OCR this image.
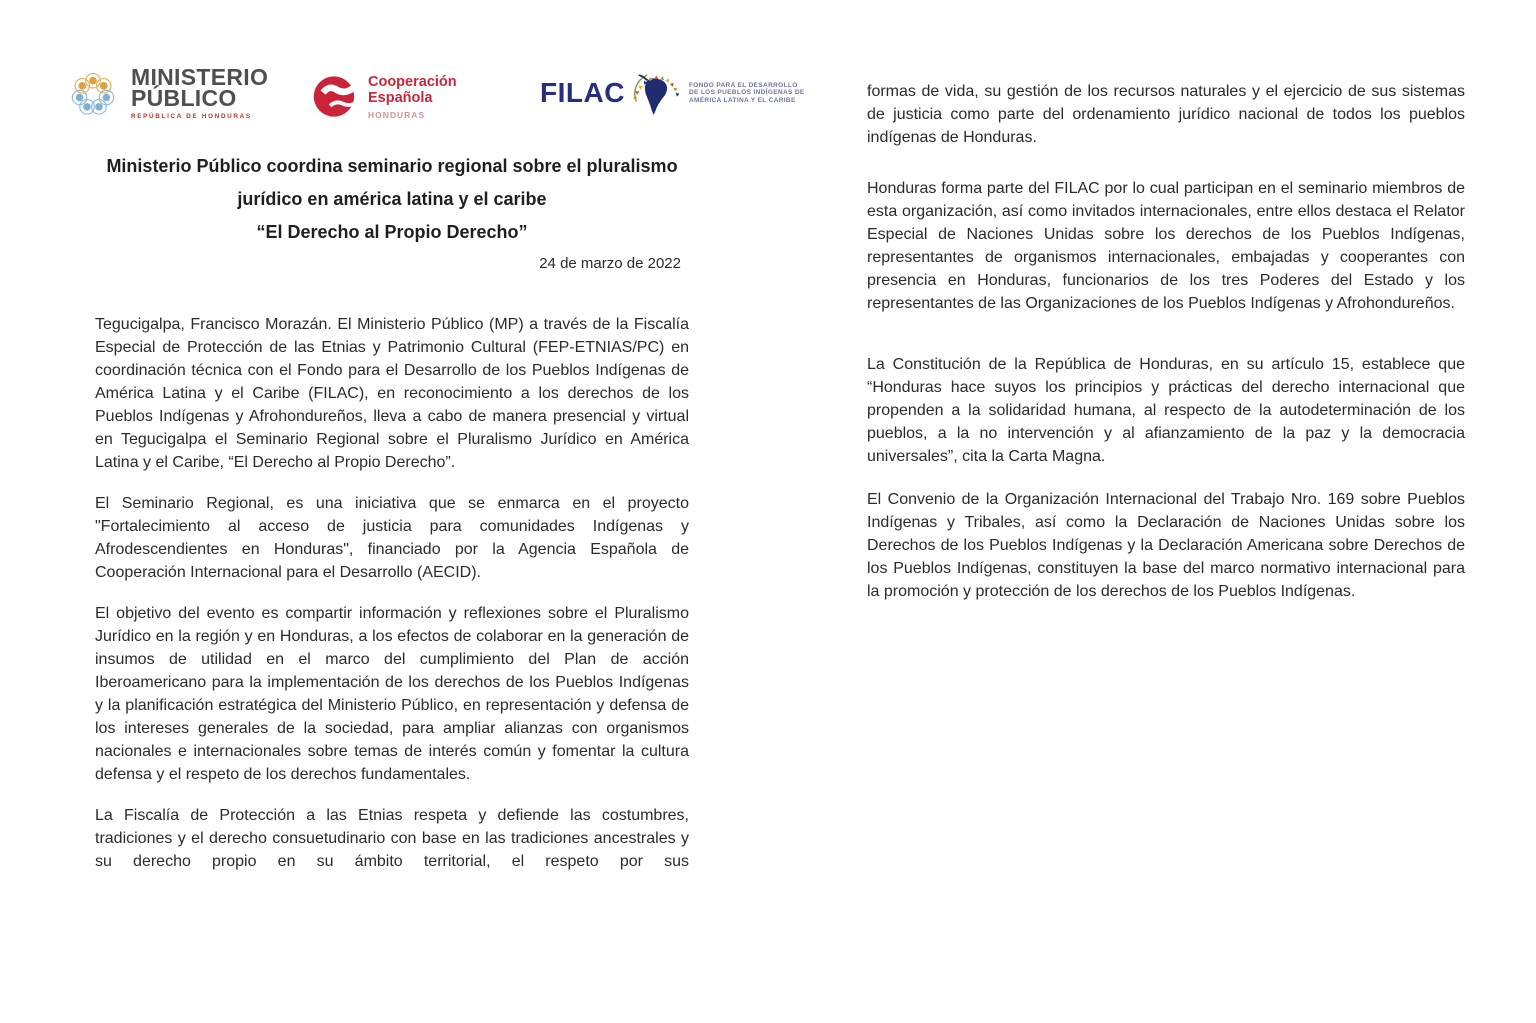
MINISTERIO
PÚBLICO
REPÚBLICA DE HONDURAS
Cooperación
Española
HONDURAS
FILAC	FONDO PARA EL DESARROLLO
DE LOS PUEBLOS INDÍGENAS DE
AMÉRICA LATINA Y EL CARIBE
Ministerio Público coordina seminario regional sobre el pluralismo jurídico en américa latina y el caribe
“El Derecho al Propio Derecho”
24 de marzo de 2022

Tegucigalpa, Francisco Morazán. El Ministerio Público (MP) a través de la Fiscalía Especial de Protección de las Etnias y Patrimonio Cultural (FEP-ETNIAS/PC) en coordinación técnica con el Fondo para el Desarrollo de los Pueblos Indígenas de América Latina y el Caribe (FILAC), en reconocimiento a los derechos de los Pueblos Indígenas y Afrohondureños, lleva a cabo de manera presencial y virtual en Tegucigalpa el Seminario Regional sobre el Pluralismo Jurídico en América Latina y el Caribe, “El Derecho al Propio Derecho”.

El Seminario Regional, es una iniciativa que se enmarca en el proyecto "Fortalecimiento al acceso de justicia para comunidades Indígenas y Afrodescendientes en Honduras", financiado por la Agencia Española de Cooperación Internacional para el Desarrollo (AECID).

El objetivo del evento es compartir información y reflexiones sobre el Pluralismo Jurídico en la región y en Honduras, a los efectos de colaborar en la generación de insumos de utilidad en el marco del cumplimiento del Plan de acción Iberoamericano para la implementación de los derechos de los Pueblos Indígenas y la planificación estratégica del Ministerio Público, en representación y defensa de los intereses generales de la sociedad, para ampliar alianzas con organismos nacionales e internacionales sobre temas de interés común y fomentar la cultura defensa y el respeto de los derechos fundamentales.

La Fiscalía de Protección a las Etnias respeta y defiende las costumbres, tradiciones y el derecho consuetudinario con base en las tradiciones ancestrales y su derecho propio en su ámbito territorial, el respeto por sus

formas de vida, su gestión de los recursos naturales y el ejercicio de sus sistemas de justicia como parte del ordenamiento jurídico nacional de todos los pueblos indígenas de Honduras.

Honduras forma parte del FILAC por lo cual participan en el seminario miembros de esta organización, así como invitados internacionales, entre ellos destaca el Relator Especial de Naciones Unidas sobre los derechos de los Pueblos Indígenas, representantes de organismos internacionales, embajadas y cooperantes con presencia en Honduras, funcionarios de los tres Poderes del Estado y los representantes de las Organizaciones de los Pueblos Indígenas y Afrohondureños.

La Constitución de la República de Honduras, en su artículo 15, establece que “Honduras hace suyos los principios y prácticas del derecho internacional que propenden a la solidaridad humana, al respecto de la autodeterminación de los pueblos, a la no intervención y al afianzamiento de la paz y la democracia universales”, cita la Carta Magna.

El Convenio de la Organización Internacional del Trabajo Nro. 169 sobre Pueblos Indígenas y Tribales, así como la Declaración de Naciones Unidas sobre los Derechos de los Pueblos Indígenas y la Declaración Americana sobre Derechos de los Pueblos Indígenas, constituyen la base del marco normativo internacional para la promoción y protección de los derechos de los Pueblos Indígenas.
